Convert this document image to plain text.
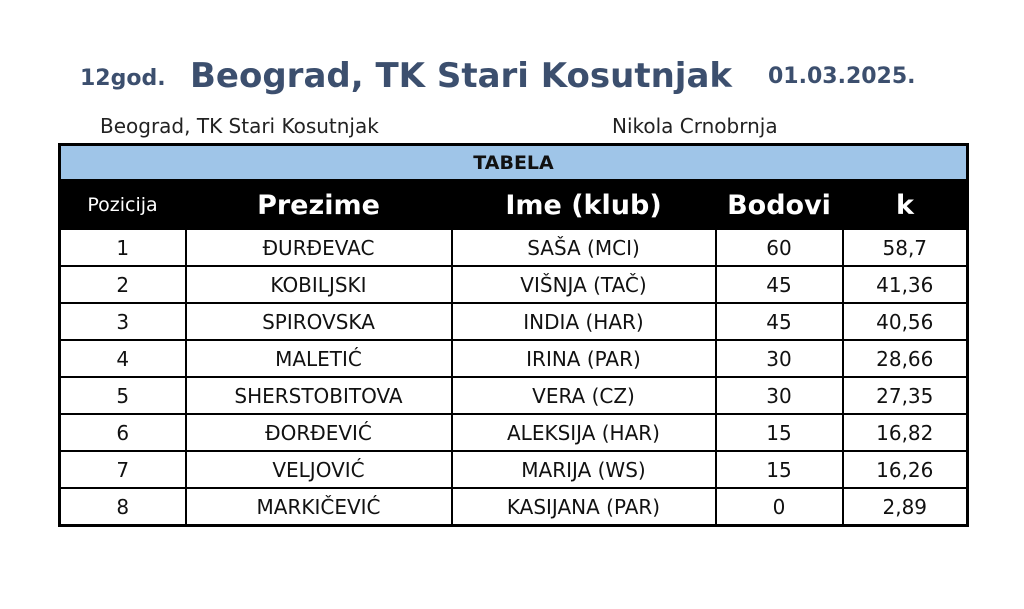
12god. Beograd, TK Stari Kosutnjak 01.03.2025.
Beograd, TK Stari Kosutnjak	Nikola Crnobrnja
TABELA				
Pozicija	Prezime	Ime (klub)	Bodovi	k
1	ĐURĐEVAC	SAŠA (MCI)	60	58,7
2	KOBILJSKI	VIŠNJA (TAČ)	45	41,36
3	SPIROVSKA	INDIA (HAR)	45	40,56
4	MALETIĆ	IRINA (PAR)	30	28,66
5	SHERSTOBITOVA	VERA (CZ)	30	27,35
6	ĐORĐEVIĆ	ALEKSIJA (HAR)	15	16,82
7	VELJOVIĆ	MARIJA (WS)	15	16,26
8	MARKIČEVIĆ	KASIJANA (PAR)	0	2,89
